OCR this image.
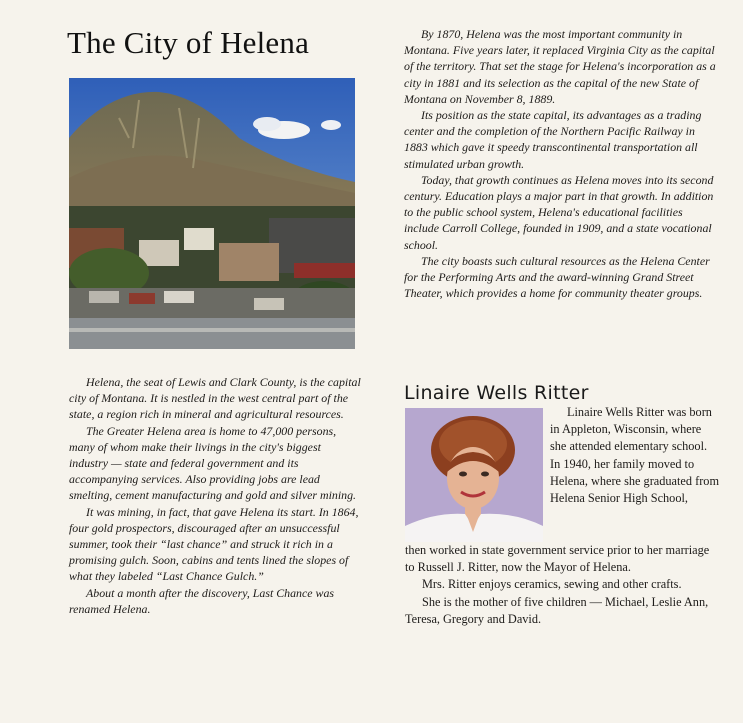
The City of Helena

Helena, the seat of Lewis and Clark County, is the capital city of Montana. It is nestled in the west central part of the state, a region rich in mineral and agricultural resources.

The Greater Helena area is home to 47,000 persons, many of whom make their livings in the city's biggest industry — state and federal government and its accompanying services. Also providing jobs are lead smelting, cement manufacturing and gold and silver mining.

It was mining, in fact, that gave Helena its start. In 1864, four gold prospectors, discouraged after an unsuccessful summer, took their “last chance” and struck it rich in a promising gulch. Soon, cabins and tents lined the slopes of what they labeled “Last Chance Gulch.”

About a month after the discovery, Last Chance was renamed Helena.

By 1870, Helena was the most important community in Montana. Five years later, it replaced Virginia City as the capital of the territory. That set the stage for Helena's incorporation as a city in 1881 and its selection as the capital of the new State of Montana on November 8, 1889.

Its position as the state capital, its advantages as a trading center and the completion of the Northern Pacific Railway in 1883 which gave it speedy transcontinental transportation all stimulated urban growth.

Today, that growth continues as Helena moves into its second century. Education plays a major part in that growth. In addition to the public school system, Helena's educational facilities include Carroll College, founded in 1909, and a state vocational school.

The city boasts such cultural resources as the Helena Center for the Performing Arts and the award-winning Grand Street Theater, which provides a home for community theater groups.

Linaire Wells Ritter

Linaire Wells Ritter was born in Appleton, Wisconsin, where she attended elementary school. In 1940, her family moved to Helena, where she graduated from Helena Senior High School,

then worked in state government service prior to her marriage to Russell J. Ritter, now the Mayor of Helena.

Mrs. Ritter enjoys ceramics, sewing and other crafts.

She is the mother of five children — Michael, Leslie Ann, Teresa, Gregory and David.
